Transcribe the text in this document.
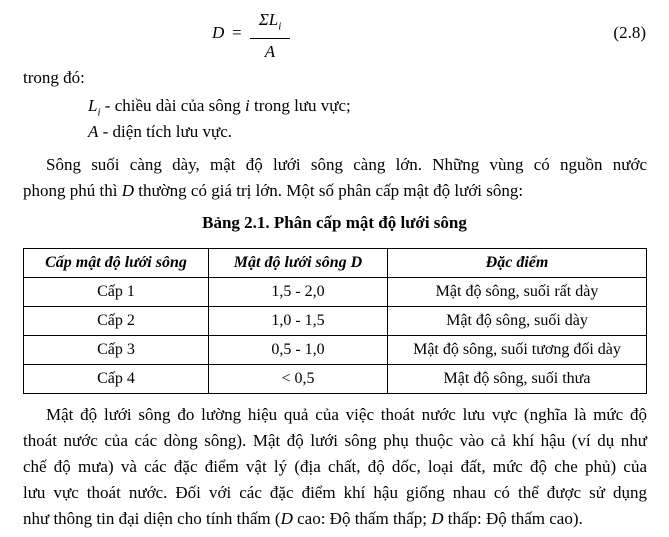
D =
$\Sigma L_i$
A
(2.8)
trong đó:
$L_i$ - chiều dài của sông i trong lưu vực;
A - diện tích lưu vực.
Sông suối càng dày, mật độ lưới sông càng lớn. Những vùng có nguồn nước
phong phú thì D thường có giá trị lớn. Một số phân cấp mật độ lưới sông:
Bảng 2.1. Phân cấp mật độ lưới sông
Cấp mật độ lưới sông	Mật độ lưới sông D	Đặc điểm
Cấp 1	1,5 - 2,0	Mật độ sông, suối rất dày
Cấp 2	1,0 - 1,5	Mật độ sông, suối dày
Cấp 3	0,5 - 1,0	Mật độ sông, suối tương đối dày
Cấp 4	< 0,5	Mật độ sông, suối thưa
Mật độ lưới sông đo lường hiệu quả của việc thoát nước lưu vực (nghĩa là mức độ
thoát nước của các dòng sông). Mật độ lưới sông phụ thuộc vào cả khí hậu (ví dụ như
chế độ mưa) và các đặc điểm vật lý (địa chất, độ dốc, loại đất, mức độ che phủ) của
lưu vực thoát nước. Đối với các đặc điểm khí hậu giống nhau có thể được sử dụng
như thông tin đại diện cho tính thấm (D cao: Độ thấm thấp; D thấp: Độ thấm cao).
